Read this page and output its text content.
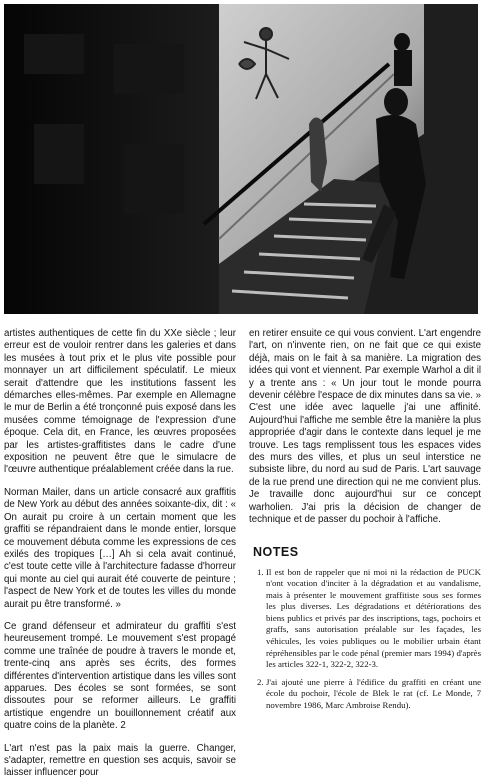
artistes authentiques de cette fin du XXe siècle ; leur erreur est de vouloir rentrer dans les galeries et dans les musées à tout prix et le plus vite possible pour monnayer un art difficilement spéculatif. Le mieux serait d'attendre que les institutions fassent les démarches elles-mêmes. Par exemple en Allemagne le mur de Berlin a été tronçonné puis exposé dans les musées comme témoignage de l'expression d'une époque. Cela dit, en France, les œuvres proposées par les artistes-graffitistes dans le cadre d'une exposition ne peuvent être que le simulacre de l'œuvre authentique préalablement créée dans la rue.

Norman Mailer, dans un article consacré aux graffitis de New York au début des années soixante-dix, dit : « On aurait pu croire à un certain moment que les graffiti se répandraient dans le monde entier, lorsque ce mouvement débuta comme les expressions de ces exilés des tropiques […] Ah si cela avait continué, c'est toute cette ville à l'architecture fadasse d'horreur qui monte au ciel qui aurait été couverte de peinture ; l'aspect de New York et de toutes les villes du monde aurait pu être transformé. »

Ce grand défenseur et admirateur du graffiti s'est heureusement trompé. Le mouvement s'est propagé comme une traînée de poudre à travers le monde et, trente-cinq ans après ses écrits, des formes différentes d'intervention artistique dans les villes sont apparues. Des écoles se sont formées, se sont dissoutes pour se reformer ailleurs. Le graffiti artistique engendre un bouillonnement créatif aux quatre coins de la planète. 2

L'art n'est pas la paix mais la guerre. Changer, s'adapter, remettre en question ses acquis, savoir se laisser influencer pour

en retirer ensuite ce qui vous convient. L'art engendre l'art, on n'invente rien, on ne fait que ce qui existe déjà, mais on le fait à sa manière. La migration des idées qui vont et viennent. Par exemple Warhol a dit il y a trente ans : « Un jour tout le monde pourra devenir célèbre l'espace de dix minutes dans sa vie. » C'est une idée avec laquelle j'ai une affinité. Aujourd'hui l'affiche me semble être la manière la plus appropriée d'agir dans le contexte dans lequel je me trouve. Les tags remplissent tous les espaces vides des murs des villes, et plus un seul interstice ne subsiste libre, du nord au sud de Paris. L'art sauvage de la rue prend une direction qui ne me convient plus. Je travaille donc aujourd'hui sur ce concept warholien. J'ai pris la décision de changer de technique et de passer du pochoir à l'affiche.

NOTES
1. Il est bon de rappeler que ni moi ni la rédaction de PUCK n'ont vocation d'inciter à la dégradation et au vandalisme, mais à présenter le mouvement graffitiste sous ses formes les plus diverses. Les dégradations et détériorations des biens publics et privés par des inscriptions, tags, pochoirs et graffs, sans autorisation préalable sur les façades, les véhicules, les voies publiques ou le mobilier urbain étant répréhensibles par le code pénal (premier mars 1994) d'après les articles 322-1, 322-2, 322-3.
2. J'ai ajouté une pierre à l'édifice du graffiti en créant une école du pochoir, l'école de Blek le rat (cf. Le Monde, 7 novembre 1986, Marc Ambroise Rendu).
